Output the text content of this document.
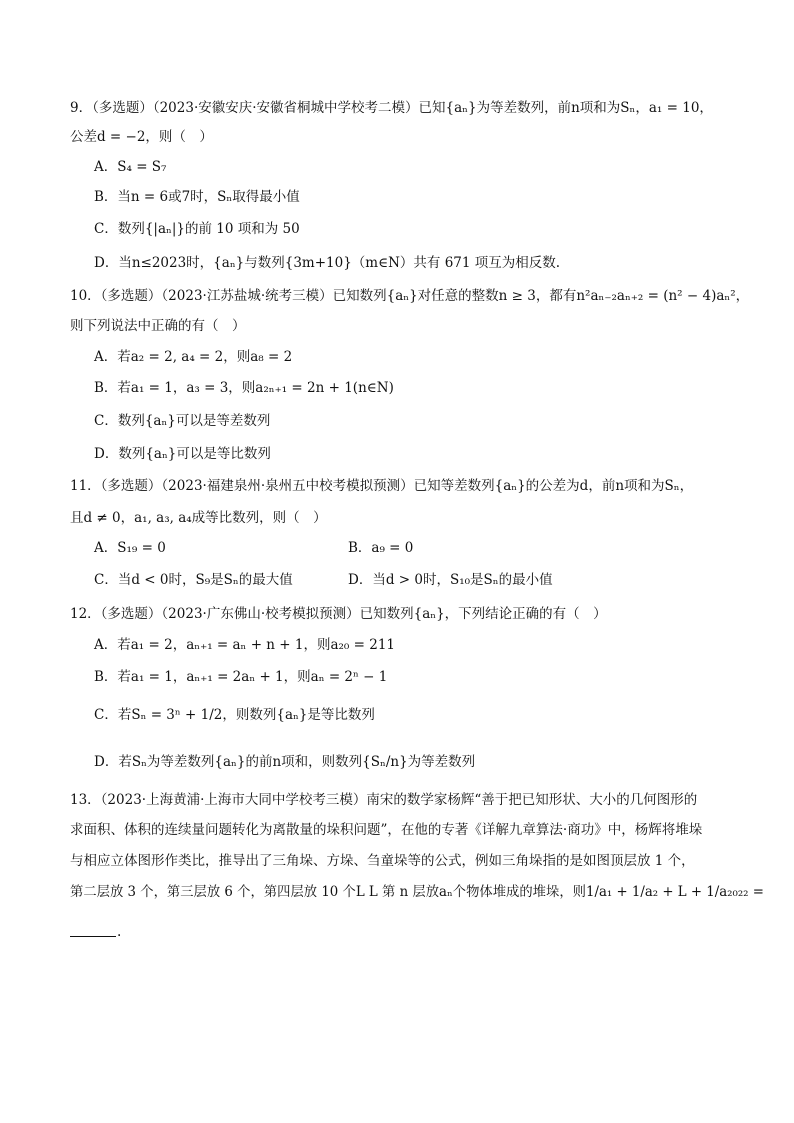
9．（多选题）（2023·安徽安庆·安徽省桐城中学校考二模）已知{aₙ}为等差数列，前n项和为Sₙ，a₁ = 10，
公差d = −2，则（　）
A．S₄ = S₇
B．当n = 6或7时，Sₙ取得最小值
C．数列{|aₙ|}的前 10 项和为 50
D．当n≤2023时，{aₙ}与数列{3m+10}（m∈N）共有 671 项互为相反数.
10．（多选题）（2023·江苏盐城·统考三模）已知数列{aₙ}对任意的整数n ≥ 3，都有n²aₙ₋₂aₙ₊₂ = (n² − 4)aₙ²，
则下列说法中正确的有（　）
A．若a₂ = 2, a₄ = 2，则a₈ = 2
B．若a₁ = 1，a₃ = 3，则a₂ₙ₊₁ = 2n + 1(n∈N)
C．数列{aₙ}可以是等差数列
D．数列{aₙ}可以是等比数列
11．（多选题）（2023·福建泉州·泉州五中校考模拟预测）已知等差数列{aₙ}的公差为d，前n项和为Sₙ，
且d ≠ 0，a₁, a₃, a₄成等比数列，则（　）
A．S₁₉ = 0	B．a₉ = 0
C．当d < 0时，S₉是Sₙ的最大值	D．当d > 0时，S₁₀是Sₙ的最小值
12．（多选题）（2023·广东佛山·校考模拟预测）已知数列{aₙ}，下列结论正确的有（　）
A．若a₁ = 2，aₙ₊₁ = aₙ + n + 1，则a₂₀ = 211
B．若a₁ = 1，aₙ₊₁ = 2aₙ + 1，则aₙ = 2ⁿ − 1
C．若Sₙ = 3ⁿ + 1/2，则数列{aₙ}是等比数列
D．若Sₙ为等差数列{aₙ}的前n项和，则数列{Sₙ/n}为等差数列
13．（2023·上海黄浦·上海市大同中学校考三模）南宋的数学家杨辉“善于把已知形状、大小的几何图形的
求面积、体积的连续量问题转化为离散量的垛积问题”，在他的专著《详解九章算法·商功》中，杨辉将堆垛
与相应立体图形作类比，推导出了三角垛、方垛、刍童垛等的公式，例如三角垛指的是如图顶层放 1 个，
第二层放 3 个，第三层放 6 个，第四层放 10 个L L 第 n 层放aₙ个物体堆成的堆垛，则1/a₁ + 1/a₂ + L + 1/a₂₀₂₂ =
.
